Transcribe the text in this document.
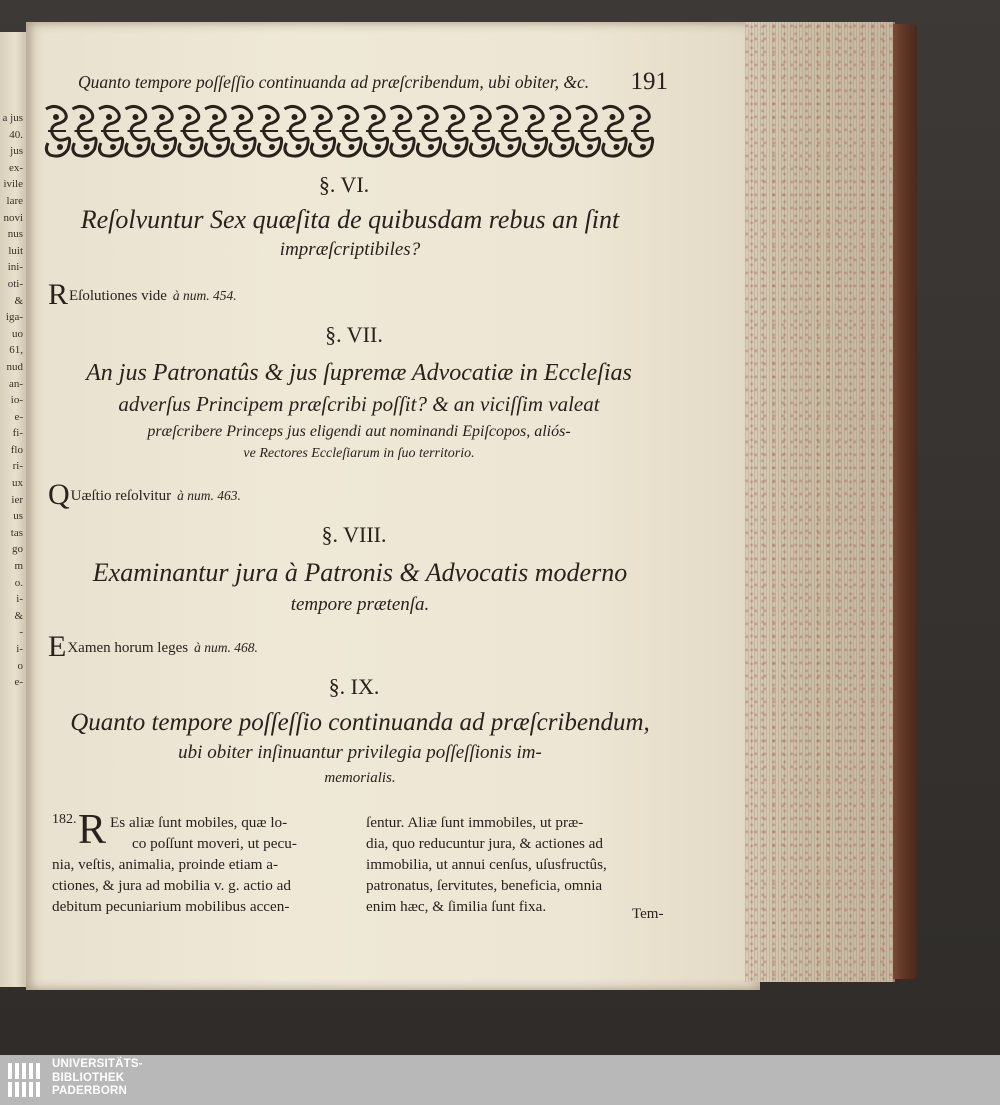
a jus
40.
jus
ex-
ivile
lare
novi
nus
luit
ini-
oti-
&
iga-
uo
61,
nud
an-
io-
e-
fi-
flo
ri-
ux
ier
us
tas
go
m
o.
i-
&
-
i-
o
e-
Quanto tempore poſſeſſio continuanda ad præſcribendum, ubi obiter, &c. 191
§. VI.
Reſolvuntur Sex quæſita de quibusdam rebus an ſint
impræſcriptibiles?
REſolutiones vide à num. 454.
§. VII.
An jus Patronatûs & jus ſupremæ Advocatiæ in Eccleſias
adverſus Principem præſcribi poſſit? & an viciſſim valeat
præſcribere Princeps jus eligendi aut nominandi Epiſcopos, aliós-
ve Rectores Eccleſiarum in ſuo territorio.
QUæſtio reſolvitur à num. 463.
§. VIII.
Examinantur jura à Patronis & Advocatis moderno
tempore prætenſa.
EXamen horum leges à num. 468.
§. IX.
Quanto tempore poſſeſſio continuanda ad præſcribendum,
ubi obiter inſinuantur privilegia poſſeſſionis im-
memorialis.
182. R Es aliæ ſunt mobiles, quæ lo-
co poſſunt moveri, ut pecu-
nia, veſtis, animalia, proinde etiam a-
ctiones, & jura ad mobilia v. g. actio ad
debitum pecuniarium mobilibus accen-
ſentur. Aliæ ſunt immobiles, ut præ-
dia, quo reducuntur jura, & actiones ad
immobilia, ut annui cenſus, uſusfructûs,
patronatus, ſervitutes, beneficia, omnia
enim hæc, & ſimilia ſunt fixa.	Tem-
UNIVERSITÄTS-
BIBLIOTHEK
PADERBORN
